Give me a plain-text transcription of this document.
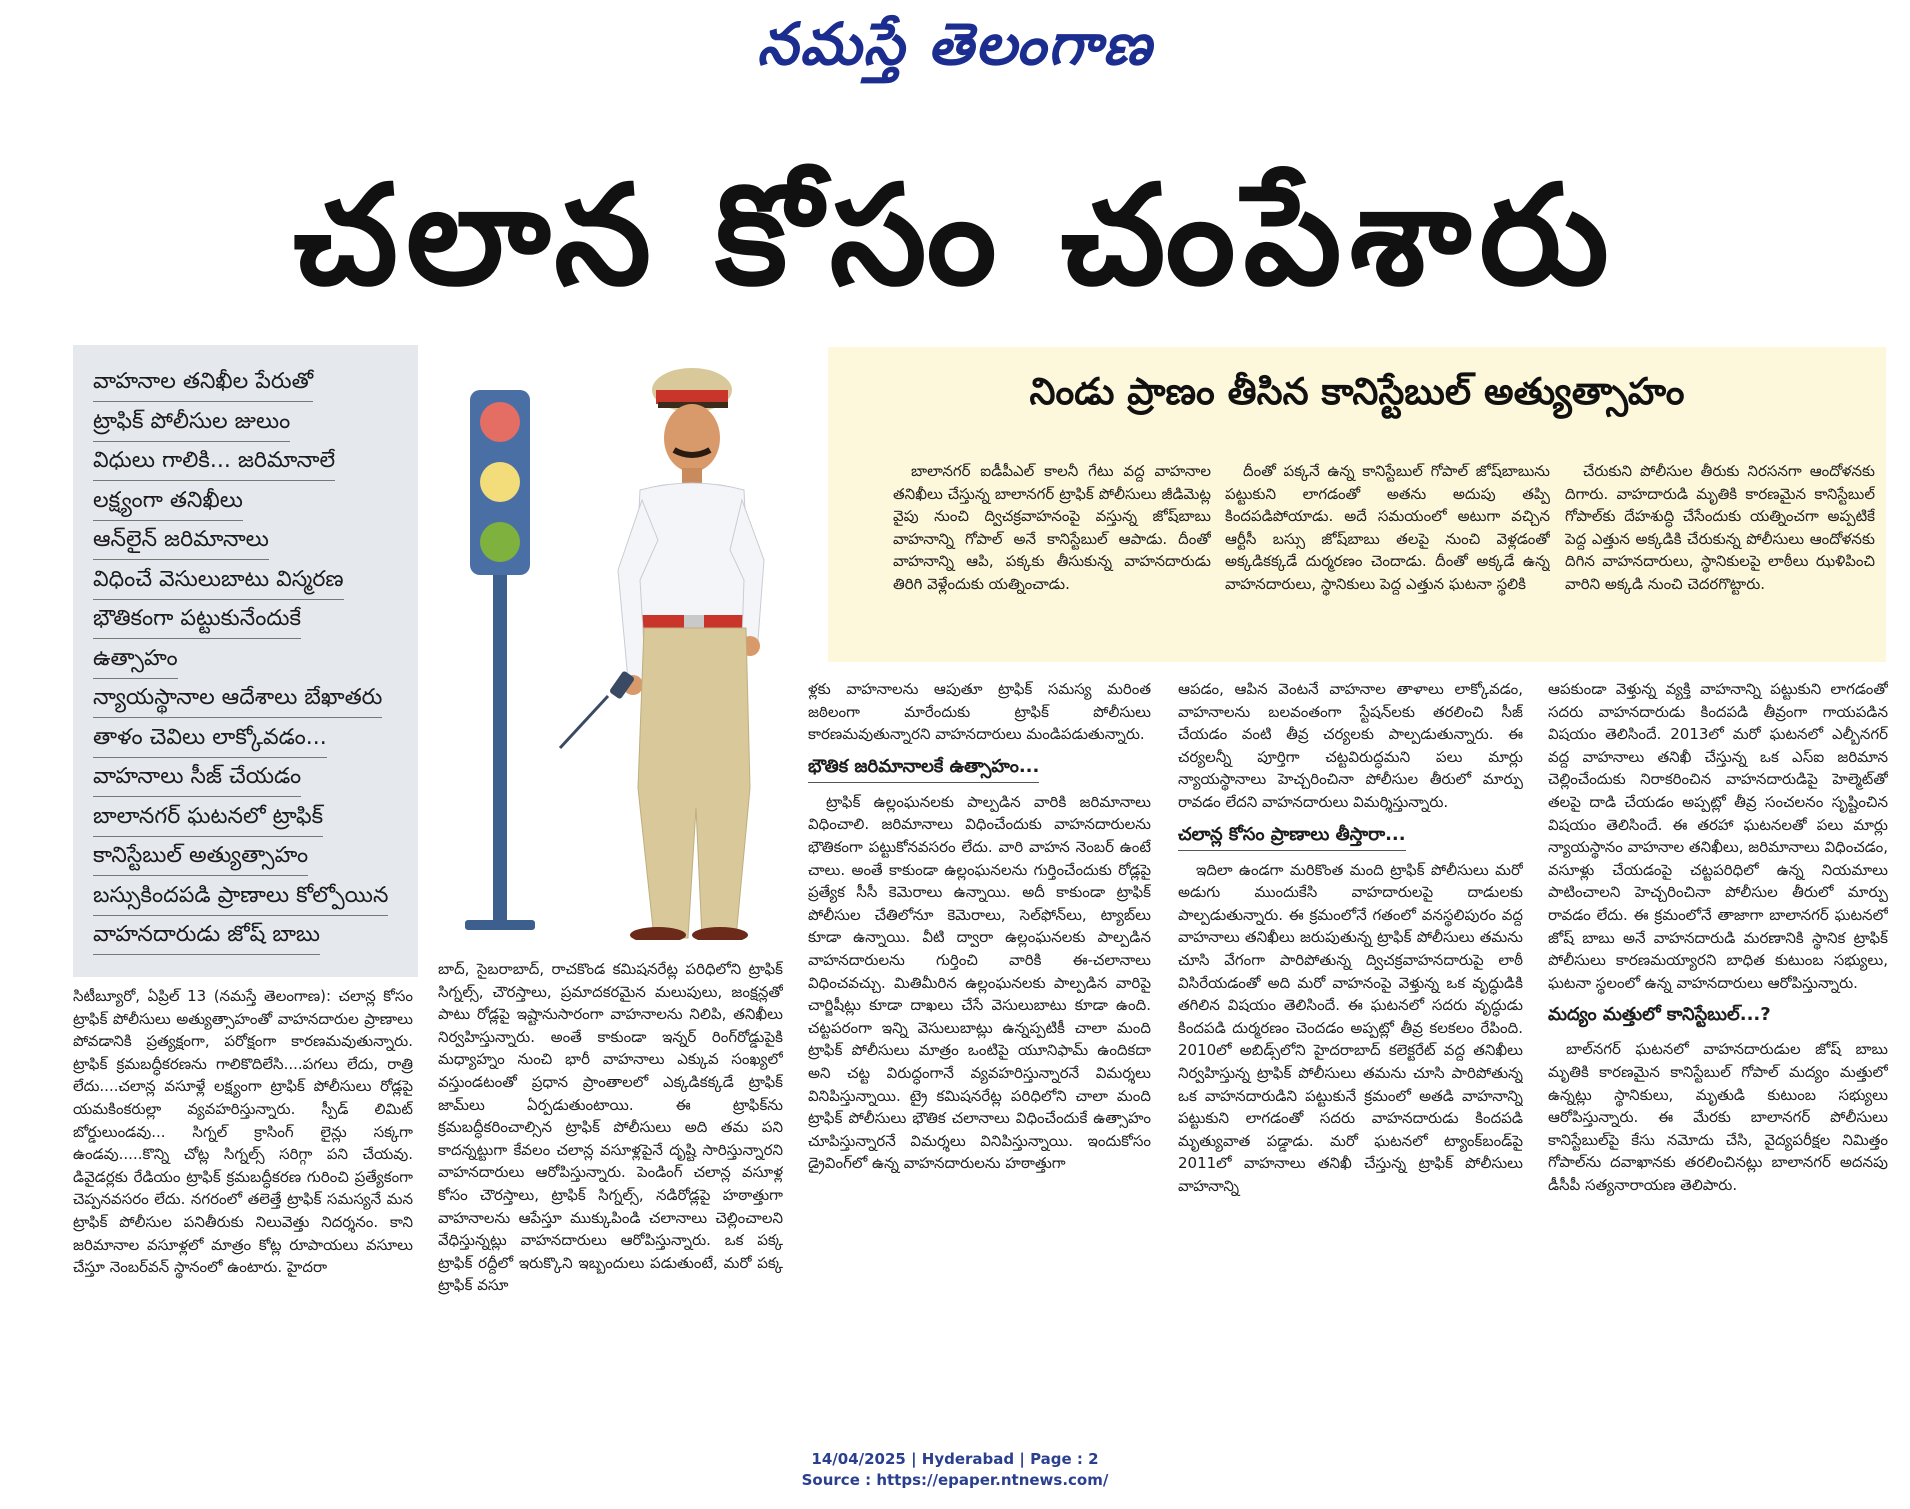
నమస్తే తెలంగాణ
చలాన కోసం చంపేశారు
వాహనాల తనిఖీల పేరుతో
ట్రాఫిక్ పోలీసుల జులుం
విధులు గాలికి... జరిమానాలే
లక్ష్యంగా తనిఖీలు
ఆన్‌లైన్ జరిమానాలు
విధించే వెసులుబాటు విస్మరణ
భౌతికంగా పట్టుకునేందుకే
ఉత్సాహం
న్యాయస్థానాల ఆదేశాలు బేఖాతరు
తాళం చెవిలు లాక్కోవడం...
వాహనాలు సీజ్ చేయడం
బాలానగర్ ఘటనలో ట్రాఫిక్
కానిస్టేబుల్ అత్యుత్సాహం
బస్సుకిందపడి ప్రాణాలు కోల్పోయిన
వాహనదారుడు జోష్ బాబు
నిండు ప్రాణం తీసిన కానిస్టేబుల్ అత్యుత్సాహం

బాలానగర్ ఐడీపీఎల్ కాలనీ గేటు వద్ద వాహనాల తనిఖీలు చేస్తున్న బాలానగర్ ట్రాఫిక్ పోలీసులు జీడిమెట్ల వైపు నుంచి ద్విచక్రవాహనంపై వస్తున్న జోష్‌బాబు వాహనాన్ని గోపాల్ అనే కానిస్టేబుల్ ఆపాడు. దీంతో వాహనాన్ని ఆపి, పక్కకు తీసుకున్న వాహనదారుడు తిరిగి వెళ్లేందుకు యత్నించాడు.

దీంతో పక్కనే ఉన్న కానిస్టేబుల్ గోపాల్ జోష్‌బాబును పట్టుకుని లాగడంతో అతను అదుపు తప్పి కిందపడిపోయాడు. అదే సమయంలో అటుగా వచ్చిన ఆర్టీసీ బస్సు జోష్‌బాబు తలపై నుంచి వెళ్లడంతో అక్కడికక్కడే దుర్మరణం చెందాడు. దీంతో అక్కడే ఉన్న వాహనదారులు, స్థానికులు పెద్ద ఎత్తున ఘటనా స్థలికి

చేరుకుని పోలీసుల తీరుకు నిరసనగా ఆందోళనకు దిగారు. వాహదారుడి మృతికి కారణమైన కానిస్టేబుల్ గోపాల్‌కు దేహశుద్ధి చేసేందుకు యత్నించగా అప్పటికే పెద్ద ఎత్తున అక్కడికి చేరుకున్న పోలీసులు ఆందోళనకు దిగిన వాహనదారులు, స్థానికులపై లాఠీలు ఝళిపించి వారిని అక్కడి నుంచి చెదరగొట్టారు.

సిటీబ్యూరో, ఏప్రిల్ 13 (నమస్తే తెలంగాణ): చలాన్ల కోసం ట్రాఫిక్ పోలీసులు అత్యుత్సాహంతో వాహనదారుల ప్రాణాలు పోవడానికి ప్రత్యక్షంగా, పరోక్షంగా కారణమవుతున్నారు. ట్రాఫిక్ క్రమబద్ధీకరణను గాలికొదిలేసి....పగలు లేదు, రాత్రి లేదు....చలాన్ల వసూళ్లే లక్ష్యంగా ట్రాఫిక్ పోలీసులు రోడ్లపై యమకింకరుల్లా వ్యవహరిస్తున్నారు. స్పీడ్ లిమిట్ బోర్డులుండవు... సిగ్నల్ క్రాసింగ్ లైన్లు సక్కగా ఉండవు.....కొన్ని చోట్ల సిగ్నల్స్ సరిగ్గా పని చేయవు. డివైడర్లకు రేడియం ట్రాఫిక్ క్రమబద్ధీకరణ గురించి ప్రత్యేకంగా చెప్పనవసరం లేదు. నగరంలో తలెత్తే ట్రాఫిక్ సమస్యనే మన ట్రాఫిక్ పోలీసుల పనితీరుకు నిలువెత్తు నిదర్శనం. కాని జరిమానాల వసూళ్లలో మాత్రం కోట్ల రూపాయలు వసూలు చేస్తూ నెంబర్‌వన్ స్థానంలో ఉంటారు. హైదరా

బాద్, సైబరాబాద్, రాచకొండ కమిషనరేట్ల పరిధిలోని ట్రాఫిక్ సిగ్నల్స్, చౌరస్తాలు, ప్రమాదకరమైన మలుపులు, జంక్షన్లతో పాటు రోడ్లపై ఇష్టానుసారంగా వాహనాలను నిలిపి, తనిఖీలు నిర్వహిస్తున్నారు. అంతే కాకుండా ఇన్నర్ రింగ్‌రోడ్డుపైకి మధ్యాహ్నం నుంచి భారీ వాహనాలు ఎక్కువ సంఖ్యలో వస్తుండటంతో ప్రధాన ప్రాంతాలలో ఎక్కడికక్కడే ట్రాఫిక్ జామ్‌లు ఏర్పడుతుంటాయి. ఈ ట్రాఫిక్‌ను క్రమబద్ధీకరించాల్సిన ట్రాఫిక్ పోలీసులు అది తమ పని కాదన్నట్టుగా కేవలం చలాన్ల వసూళ్లపైనే దృష్టి సారిస్తున్నారని వాహనదారులు ఆరోపిస్తున్నారు. పెండింగ్ చలాన్ల వసూళ్ల కోసం చౌరస్తాలు, ట్రాఫిక్ సిగ్నల్స్, నడిరోడ్లపై హఠాత్తుగా వాహనాలను ఆపేస్తూ ముక్కుపిండి చలానాలు చెల్లించాలని వేధిస్తున్నట్లు వాహనదారులు ఆరోపిస్తున్నారు. ఒక పక్క ట్రాఫిక్ రద్దీలో ఇరుక్కొని ఇబ్బందులు పడుతుంటే, మరో పక్క ట్రాఫిక్ వసూ

ళ్లకు వాహనాలను ఆపుతూ ట్రాఫిక్ సమస్య మరింత జఠిలంగా మారేందుకు ట్రాఫిక్ పోలీసులు కారణమవుతున్నారని వాహనదారులు మండిపడుతున్నారు.

భౌతిక జరిమానాలకే ఉత్సాహం...

ట్రాఫిక్ ఉల్లంఘనలకు పాల్పడిన వారికి జరిమానాలు విధించాలి. జరిమానాలు విధించేందుకు వాహనదారులను భౌతికంగా పట్టుకోనవసరం లేదు. వారి వాహన నెంబర్ ఉంటే చాలు. అంతే కాకుండా ఉల్లంఘనలను గుర్తించేందుకు రోడ్లపై ప్రత్యేక సీసీ కెమెరాలు ఉన్నాయి. అదీ కాకుండా ట్రాఫిక్ పోలీసుల చేతిలోనూ కెమెరాలు, సెల్‌ఫోన్‌లు, ట్యాబ్‌లు కూడా ఉన్నాయి. వీటి ద్వారా ఉల్లంఘనలకు పాల్పడిన వాహనదారులను గుర్తించి వారికి ఈ-చలానాలు విధించవచ్చు. మితిమీరిన ఉల్లంఘనలకు పాల్పడిన వారిపై చార్జిషీట్లు కూడా దాఖలు చేసే వెసులుబాటు కూడా ఉంది. చట్టపరంగా ఇన్ని వెసులుబాట్లు ఉన్నప్పటికీ చాలా మంది ట్రాఫిక్ పోలీసులు మాత్రం ఒంటిపై యూనిఫామ్ ఉందికదా అని చట్ట విరుద్ధంగానే వ్యవహరిస్తున్నారనే విమర్శలు వినిపిస్తున్నాయి. ట్రై కమిషనరేట్ల పరిధిలోని చాలా మంది ట్రాఫిక్ పోలీసులు భౌతిక చలానాలు విధించేందుకే ఉత్సాహం చూపిస్తున్నారనే విమర్శలు వినిపిస్తున్నాయి. ఇందుకోసం డ్రైవింగ్‌లో ఉన్న వాహనదారులను హఠాత్తుగా

ఆపడం, ఆపిన వెంటనే వాహనాల తాళాలు లాక్కోవడం, వాహనాలను బలవంతంగా స్టేషన్‌లకు తరలించి సీజ్ చేయడం వంటి తీవ్ర చర్యలకు పాల్పడుతున్నారు. ఈ చర్యలన్నీ పూర్తిగా చట్టవిరుద్ధమని పలు మార్లు న్యాయస్థానాలు హెచ్చరించినా పోలీసుల తీరులో మార్పు రావడం లేదని వాహనదారులు విమర్శిస్తున్నారు.

చలాన్ల కోసం ప్రాణాలు తీస్తారా...

ఇదిలా ఉండగా మరికొంత మంది ట్రాఫిక్ పోలీసులు మరో అడుగు ముందుకేసి వాహదారులపై దాడులకు పాల్పడుతున్నారు. ఈ క్రమంలోనే గతంలో వనస్థలిపురం వద్ద వాహనాలు తనిఖీలు జరుపుతున్న ట్రాఫిక్ పోలీసులు తమను చూసి వేగంగా పారిపోతున్న ద్విచక్రవాహనదారుపై లాఠీ విసిరేయడంతో అది మరో వాహనంపై వెళ్తున్న ఒక వృద్ధుడికి తగిలిన విషయం తెలిసిందే. ఈ ఘటనలో సదరు వృద్ధుడు కిందపడి దుర్మరణం చెందడం అప్పట్లో తీవ్ర కలకలం రేపింది. 2010లో అబిడ్స్‌లోని హైదరాబాద్ కలెక్టరేట్ వద్ద తనిఖీలు నిర్వహిస్తున్న ట్రాఫిక్ పోలీసులు తమను చూసి పారిపోతున్న ఒక వాహనదారుడిని పట్టుకునే క్రమంలో అతడి వాహనాన్ని పట్టుకుని లాగడంతో సదరు వాహనదారుడు కిందపడి మృత్యువాత పడ్డాడు. మరో ఘటనలో ట్యాంక్‌బండ్‌పై 2011లో వాహనాలు తనిఖీ చేస్తున్న ట్రాఫిక్ పోలీసులు వాహనాన్ని

ఆపకుండా వెళ్తున్న వ్యక్తి వాహనాన్ని పట్టుకుని లాగడంతో సదరు వాహనదారుడు కిందపడి తీవ్రంగా గాయపడిన విషయం తెలిసిందే. 2013లో మరో ఘటనలో ఎల్బీనగర్ వద్ద వాహనాలు తనిఖీ చేస్తున్న ఒక ఎస్ఐ జరిమాన చెల్లించేందుకు నిరాకరించిన వాహనదారుడిపై హెల్మెట్‌తో తలపై దాడి చేయడం అప్పట్లో తీవ్ర సంచలనం సృష్టించిన విషయం తెలిసిందే. ఈ తరహా ఘటనలతో పలు మార్లు న్యాయస్థానం వాహనాల తనిఖీలు, జరిమానాలు విధించడం, వసూళ్లు చేయడంపై చట్టపరిధిలో ఉన్న నియమాలు పాటించాలని హెచ్చరించినా పోలీసుల తీరులో మార్పు రావడం లేదు. ఈ క్రమంలోనే తాజాగా బాలానగర్ ఘటనలో జోష్ బాబు అనే వాహనదారుడి మరణానికి స్థానిక ట్రాఫిక్ పోలీసులు కారణమయ్యారని బాధిత కుటుంబ సభ్యులు, ఘటనా స్థలంలో ఉన్న వాహనదారులు ఆరోపిస్తున్నారు.

మద్యం మత్తులో కానిస్టేబుల్...?

బాల్‌నగర్ ఘటనలో వాహనదారుడుల జోష్ బాబు మృతికి కారణమైన కానిస్టేబుల్ గోపాల్ మద్యం మత్తులో ఉన్నట్లు స్థానికులు, మృతుడి కుటుంబ సభ్యులు ఆరోపిస్తున్నారు. ఈ మేరకు బాలానగర్ పోలీసులు కానిస్టేబుల్‌పై కేసు నమోదు చేసి, వైద్యపరీక్షల నిమిత్తం గోపాల్‌ను దవాఖానకు తరలించినట్లు బాలానగర్ అదనపు డీసీపీ సత్యనారాయణ తెలిపారు.

14/04/2025 | Hyderabad | Page : 2
Source : https://epaper.ntnews.com/
